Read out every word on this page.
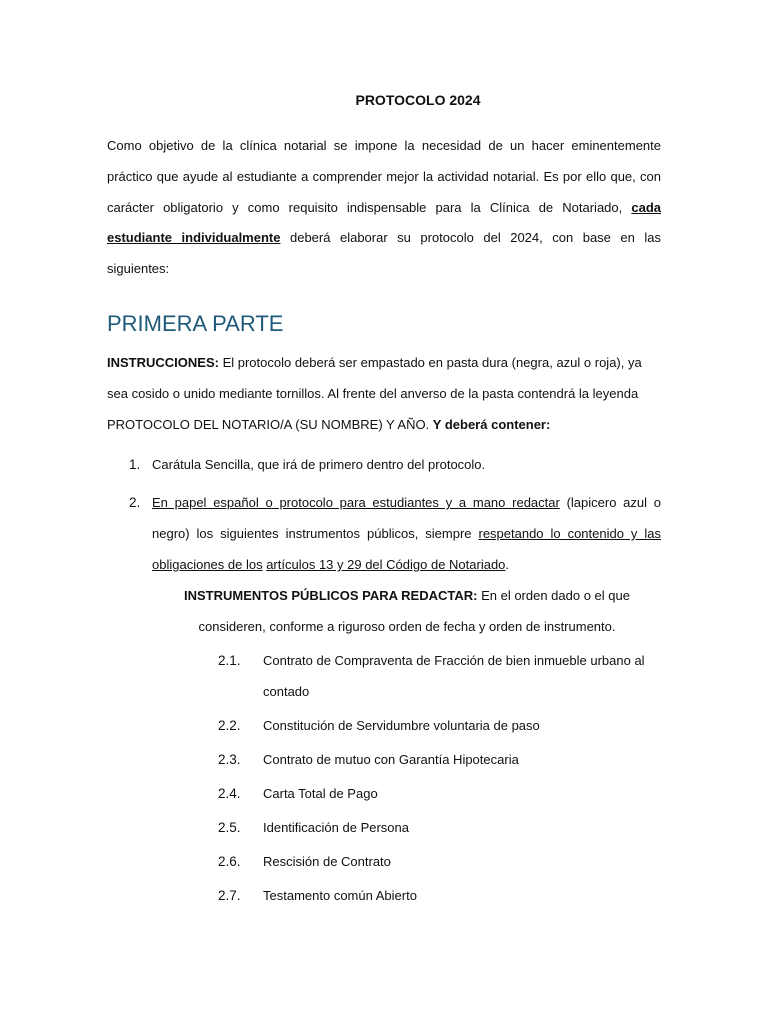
PROTOCOLO 2024

Como objetivo de la clínica notarial se impone la necesidad de un hacer eminentemente práctico que ayude al estudiante a comprender mejor la actividad notarial. Es por ello que, con carácter obligatorio y como requisito indispensable para la Clínica de Notariado, cada estudiante individualmente deberá elaborar su protocolo del 2024, con base en las siguientes:

PRIMERA PARTE

INSTRUCCIONES: El protocolo deberá ser empastado en pasta dura (negra, azul o roja), ya sea cosido o unido mediante tornillos. Al frente del anverso de la pasta contendrá la leyenda PROTOCOLO DEL NOTARIO/A (SU NOMBRE) Y AÑO. Y deberá contener:

1. Carátula Sencilla, que irá de primero dentro del protocolo.
2. En papel español o protocolo para estudiantes y a mano redactar (lapicero azul o negro) los siguientes instrumentos públicos, siempre respetando lo contenido y las obligaciones de los artículos 13 y 29 del Código de Notariado.

INSTRUMENTOS PÚBLICOS PARA REDACTAR: En el orden dado o el que consideren, conforme a riguroso orden de fecha y orden de instrumento.

2.1. Contrato de Compraventa de Fracción de bien inmueble urbano al contado
2.2. Constitución de Servidumbre voluntaria de paso
2.3. Contrato de mutuo con Garantía Hipotecaria
2.4. Carta Total de Pago
2.5. Identificación de Persona
2.6. Rescisión de Contrato
2.7. Testamento común Abierto
